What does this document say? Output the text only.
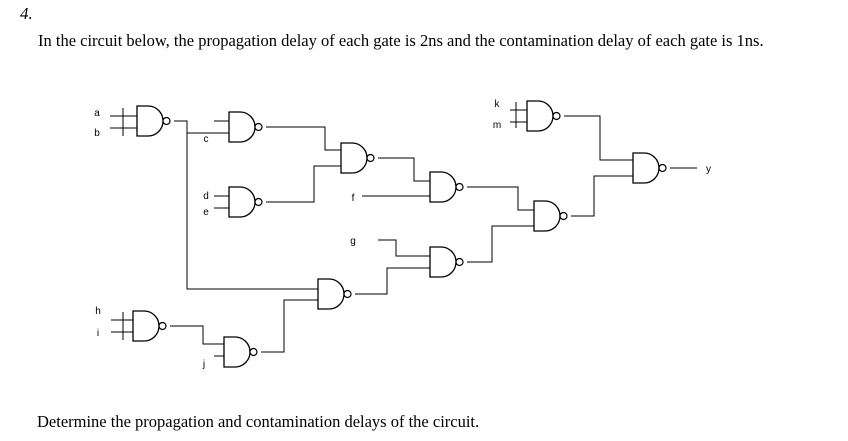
4.
In the circuit below, the propagation delay of each gate is 2ns and the contamination delay of each gate is 1ns.
a
b
c
d
e
f
g
h
i
j
k
m
y
Determine the propagation and contamination delays of the circuit.
